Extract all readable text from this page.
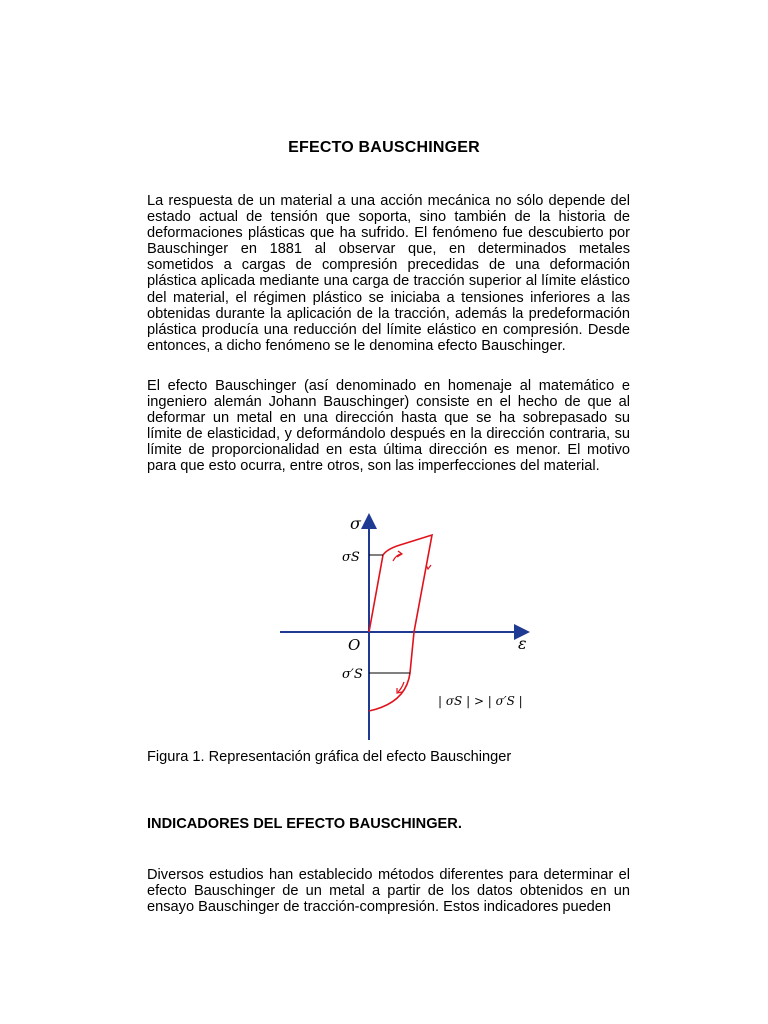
EFECTO BAUSCHINGER

La respuesta de un material a una acción mecánica no sólo depende del estado actual de tensión que soporta, sino también de la historia de deformaciones plásticas que ha sufrido. El fenómeno fue descubierto por Bauschinger en 1881 al observar que, en determinados metales sometidos a cargas de compresión precedidas de una deformación plástica aplicada mediante una carga de tracción superior al límite elástico del material, el régimen plástico se iniciaba a tensiones inferiores a las obtenidas durante la aplicación de la tracción, además la predeformación plástica producía una reducción del límite elástico en compresión. Desde entonces, a dicho fenómeno se le denomina efecto Bauschinger.

El efecto Bauschinger (así denominado en homenaje al matemático e ingeniero alemán Johann Bauschinger) consiste en el hecho de que al deformar un metal en una dirección hasta que se ha sobrepasado su límite de elasticidad, y deformándolo después en la dirección contraria, su límite de proporcionalidad en esta última dirección es menor. El motivo para que esto ocurra, entre otros, son las imperfecciones del material.

σ
ε
O
σS
σ′S
| σS | > | σ′S |
Figura 1. Representación gráfica del efecto Bauschinger
INDICADORES DEL EFECTO BAUSCHINGER.

Diversos estudios han establecido métodos diferentes para determinar el efecto Bauschinger de un metal a partir de los datos obtenidos en un ensayo Bauschinger de tracción-compresión. Estos indicadores pueden
